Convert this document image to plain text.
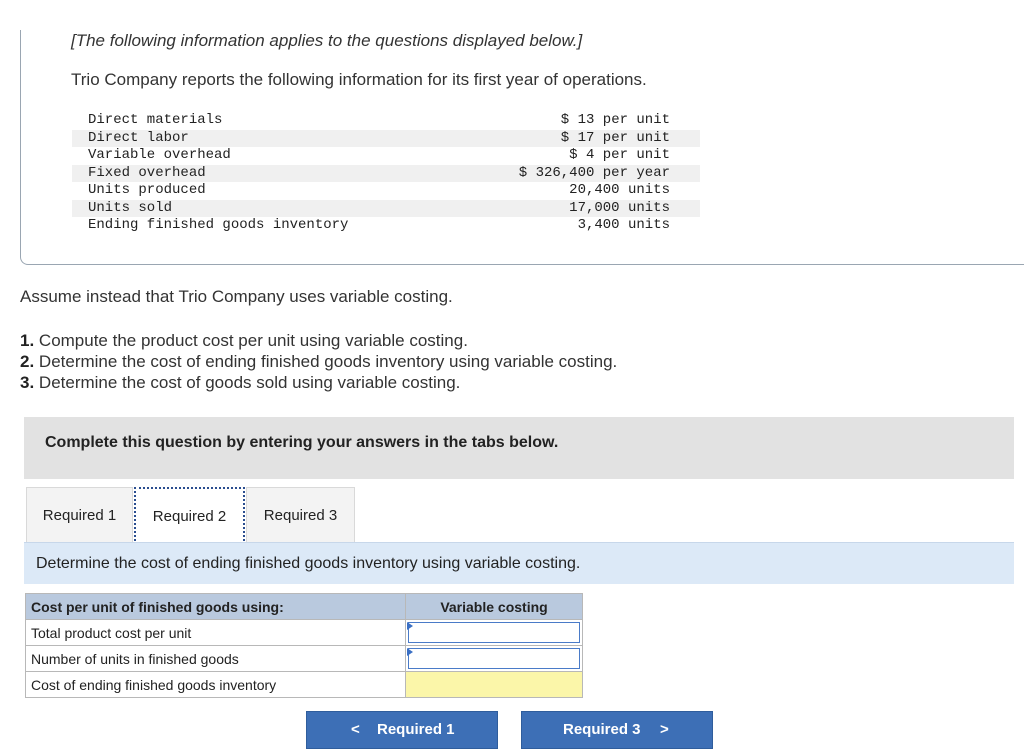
[The following information applies to the questions displayed below.]
Trio Company reports the following information for its first year of operations.
Direct materials	$ 13 per unit
Direct labor	$ 17 per unit
Variable overhead	$ 4 per unit
Fixed overhead	$ 326,400 per year
Units produced	20,400 units
Units sold	17,000 units
Ending finished goods inventory	3,400 units
Assume instead that Trio Company uses variable costing.
1. Compute the product cost per unit using variable costing.
2. Determine the cost of ending finished goods inventory using variable costing.
3. Determine the cost of goods sold using variable costing.
Complete this question by entering your answers in the tabs below.
Required 1	Required 2	Required 3
Determine the cost of ending finished goods inventory using variable costing.
Cost per unit of finished goods using:	Variable costing
Total product cost per unit	

Number of units in finished goods	

Cost of ending finished goods inventory	
< Required 1	Required 3 >
